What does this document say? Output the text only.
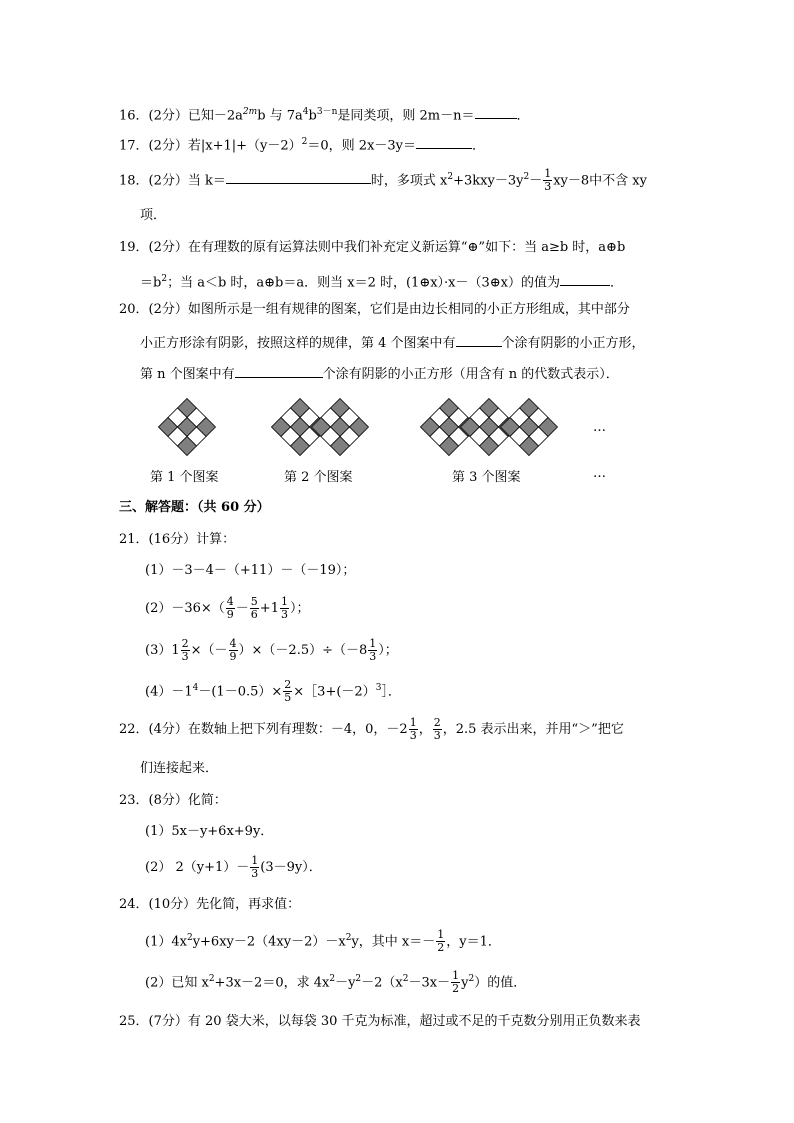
16．(2分）已知$-2a^{2m}b$ 与 $7a^4b^{3-n}$是同类项，则 2m－n＝	．
17．(2分）若$|x+1|+(y-2)^2=0$，则 2x－3y＝	．
18．(2分）当 k＝	时，多项式 $x^2+3kxy-3y^2- \frac{1}{3} xy-8$中不含 xy
项．
19．(2分）在有理数的原有运算法则中我们补充定义新运算“⊕”如下：当 a≥b 时，a⊕b
$=b^2$；当 a＜b 时，a⊕b＝a．则当 x＝2 时，(1⊕x）·x－（3⊕x）的值为	．
20．(2分）如图所示是一组有规律的图案，它们是由边长相同的小正方形组成，其中部分
小正方形涂有阴影，按照这样的规律，第 4 个图案中有	个涂有阴影的小正方形，
第 n 个图案中有	个涂有阴影的小正方形（用含有 n 的代数式表示）．
…
第 1 个图案	第 2 个图案	第 3 个图案	…
三、解答题：（共 60 分）
21．(16分）计算：
(1）－3－4－（+11）－（－19）；
$(2)-36\times( \frac{4}{9} - \frac{5}{6} +1 \frac{1}{3}$ ）；
$(3)1 \frac{2}{3}$ ×（－ $\frac{4}{9} )\times(-2.5)\div(-8 \frac{1}{3}$ ）；
$(4)-1^4-(1-0.5)\times \frac{2}{5}$ ×［3+(－2）$^3$］．
22．(4分）在数轴上把下列有理数：－4，0，$-2 \frac{1}{3}$ ， $\frac{2}{3}$ ，2.5 表示出来，并用“＞”把它
们连接起来．
23．(8分）化简：
(1）5x－y+6x+9y．
(2） $2(y+1)- \frac{1}{3} (3-9y)$．
24．(10分）先化简，再求值：
$(1)4x^2y+6xy-2(4xy-2)-x^2y$，其中 $x=- \frac{1}{2}$ ，y＝1．
(2）已知 $x^2+3x-2=0$，求 $4x^2-y^2-2(x^2-3x- \frac{1}{2} y^2)$的值．
25．(7分）有 20 袋大米，以每袋 30 千克为标准，超过或不足的千克数分别用正负数来表
